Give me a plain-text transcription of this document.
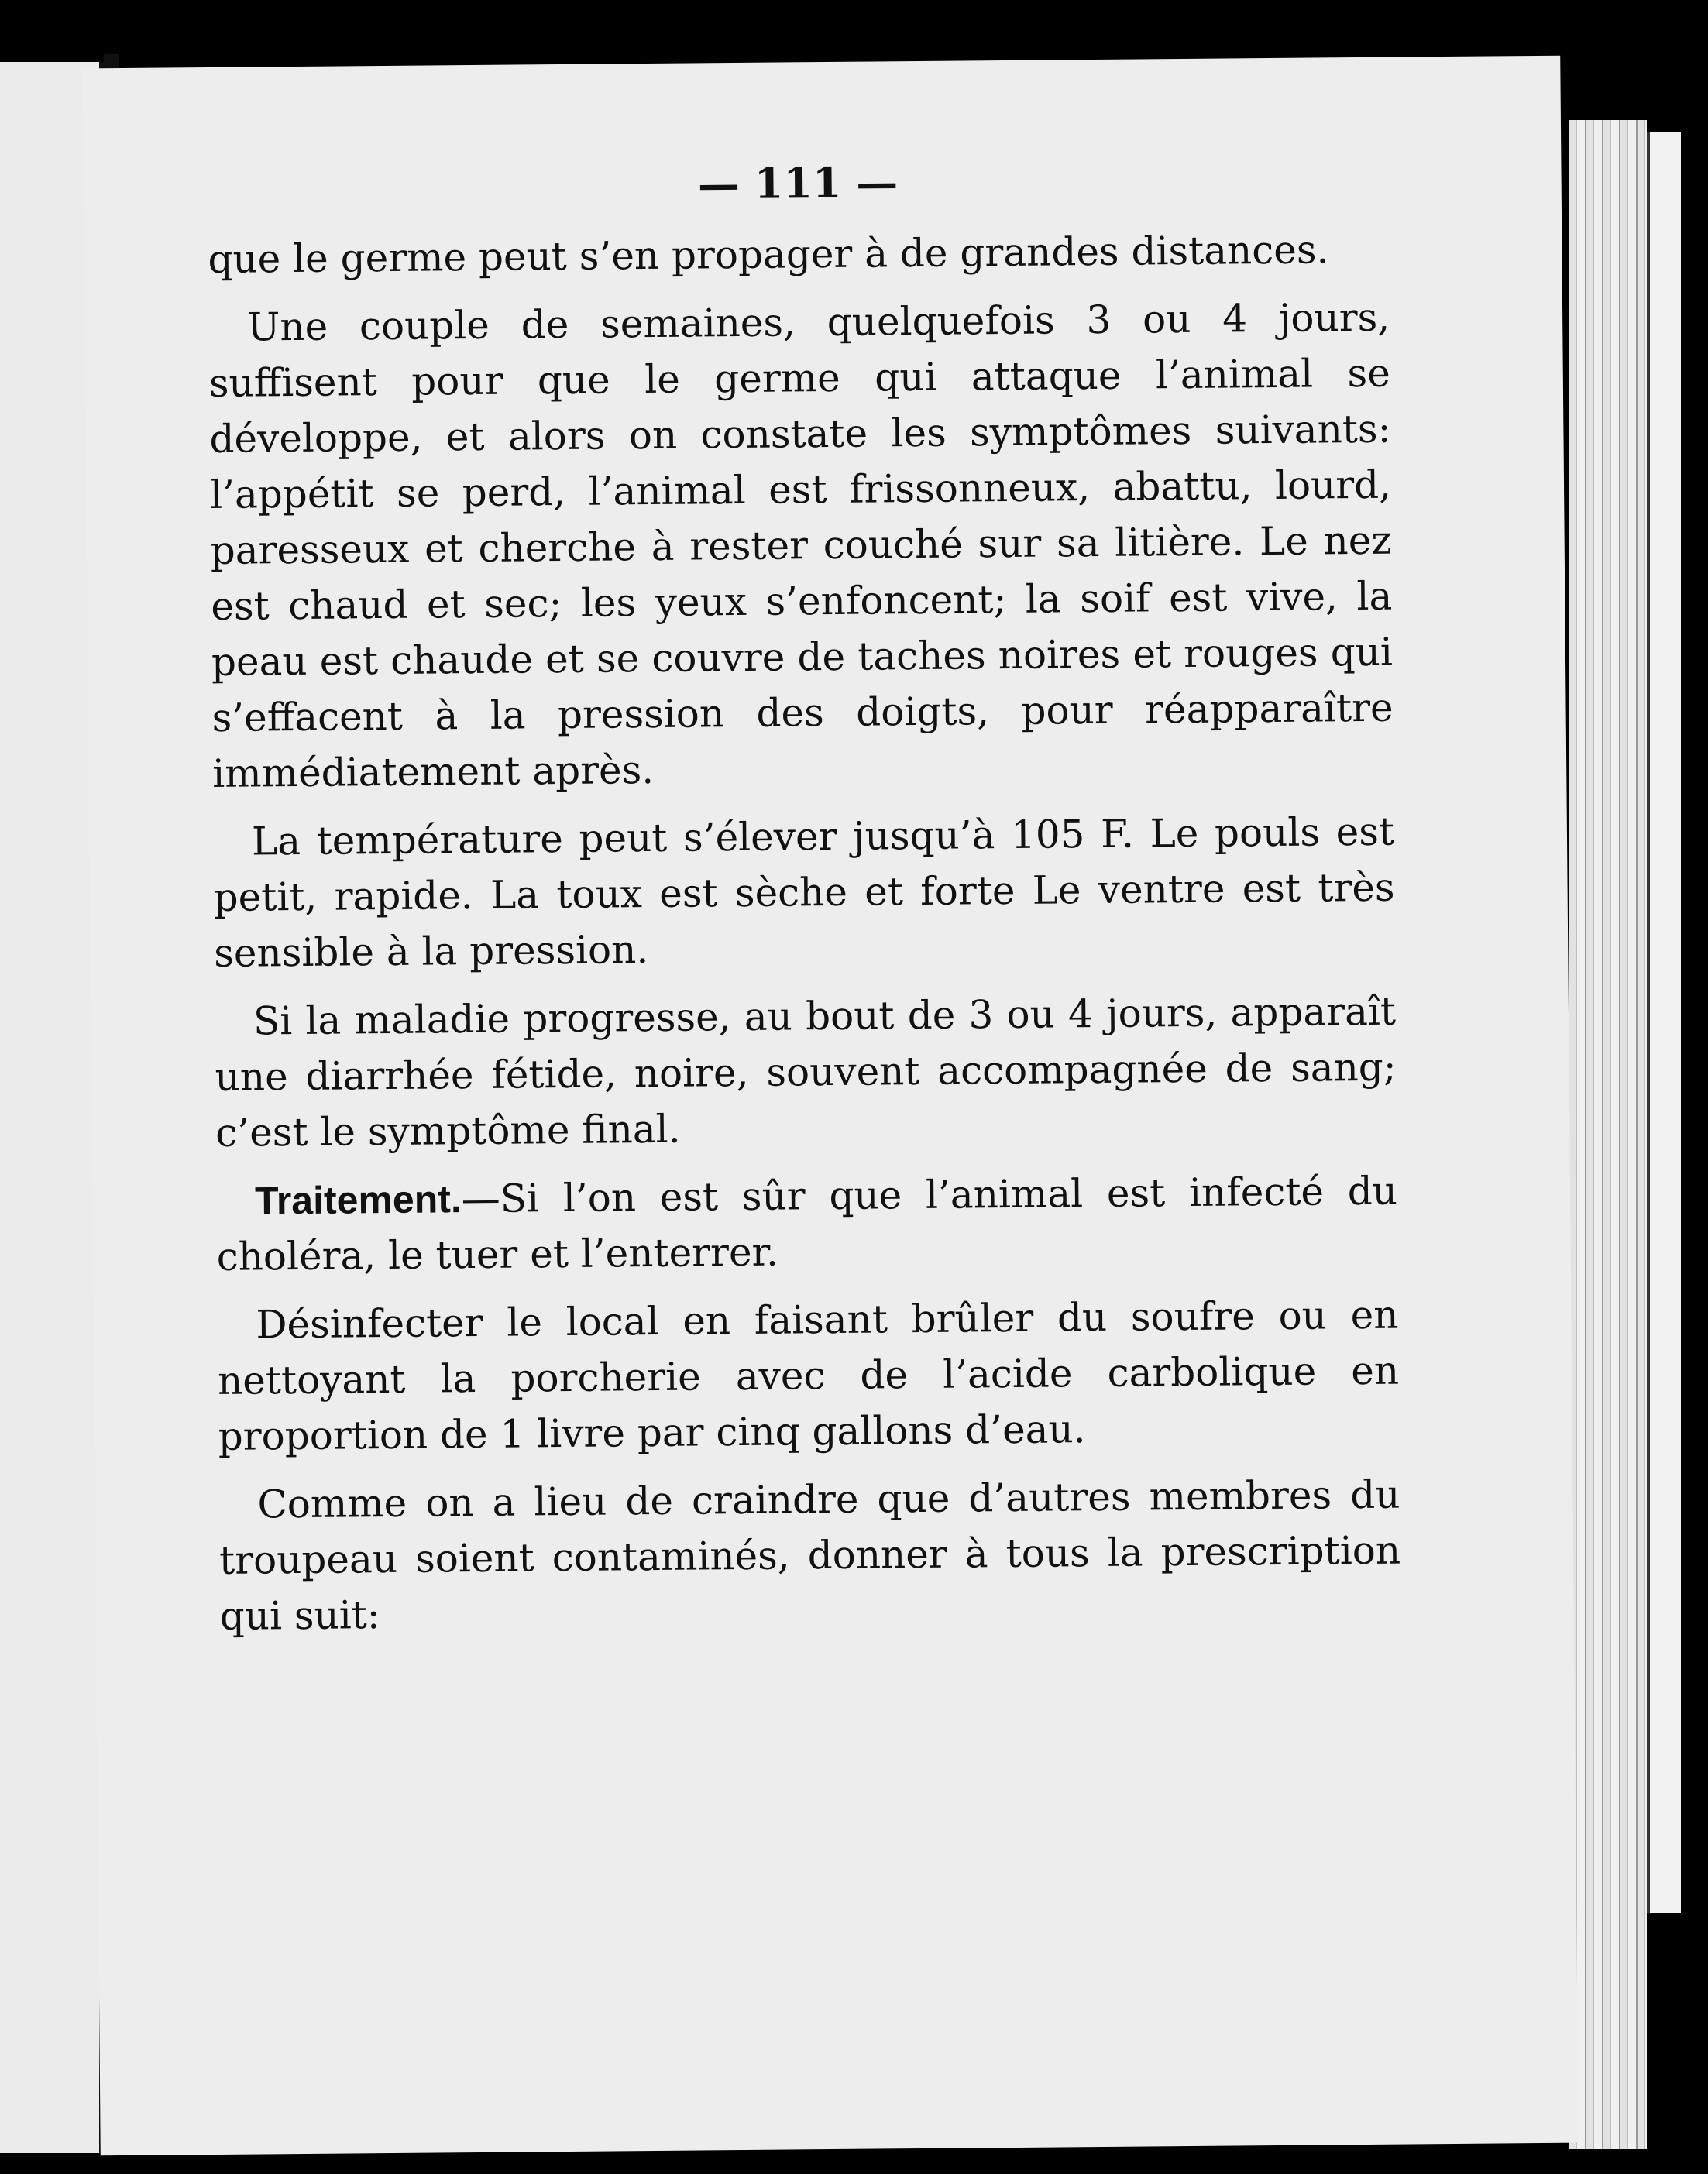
— 111 —

que le germe peut s’en propager à de grandes distances.

Une couple de semaines, quelquefois 3 ou 4 jours, suffisent pour que le germe qui attaque l’animal se développe, et alors on constate les symptômes suivants: l’appétit se perd, l’animal est frissonneux, abattu, lourd, paresseux et cherche à rester couché sur sa litière. Le nez est chaud et sec; les yeux s’enfoncent; la soif est vive, la peau est chaude et se couvre de taches noires et rouges qui s’effacent à la pression des doigts, pour réapparaître immédiatement après.

La température peut s’élever jusqu’à 105 F. Le pouls est petit, rapide. La toux est sèche et forte Le ventre est très sensible à la pression.

Si la maladie progresse, au bout de 3 ou 4 jours, apparaît une diarrhée fétide, noire, souvent accompagnée de sang; c’est le symptôme final.

Traitement.—Si l’on est sûr que l’animal est infecté du choléra, le tuer et l’enterrer.

Désinfecter le local en faisant brûler du soufre ou en nettoyant la porcherie avec de l’acide carbolique en proportion de 1 livre par cinq gallons d’eau.

Comme on a lieu de craindre que d’autres membres du troupeau soient contaminés, donner à tous la prescription qui suit:
